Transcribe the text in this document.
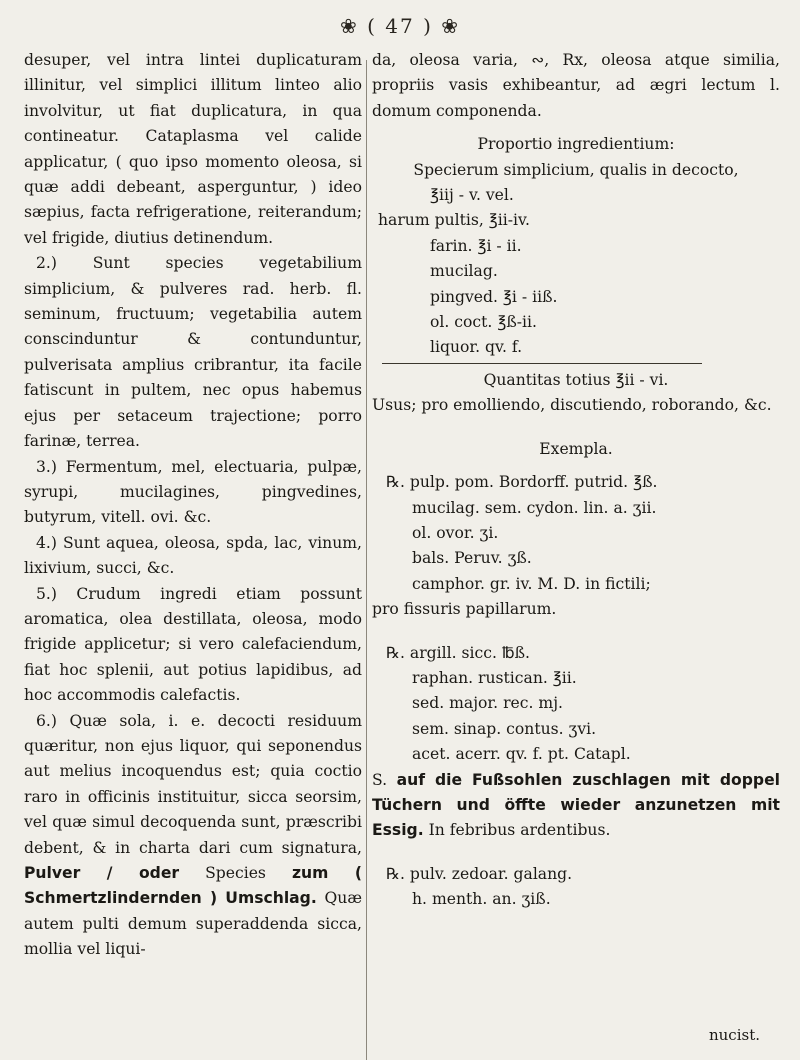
❀ ( 47 ) ❀

desuper, vel intra lintei duplicaturam illinitur, vel simplici illitum linteo alio involvitur, ut fiat duplicatura, in qua contineatur. Cataplasma vel calide applicatur, ( quo ipso momento oleosa, si quæ addi debeant, asperguntur, ) ideo sæpius, facta refrigeratione, reiterandum; vel frigide, diutius detinendum.

2.) Sunt species vegetabilium simplicium, & pulveres rad. herb. fl. seminum, fructuum; vegetabilia autem conscinduntur & contunduntur, pulverisata amplius cribrantur, ita facile fatiscunt in pultem, nec opus habemus ejus per setaceum trajectione; porro farinæ, terrea.

3.) Fermentum, mel, electuaria, pulpæ, syrupi, mucilagines, pingvedines, butyrum, vitell. ovi. &c.

4.) Sunt aquea, oleosa, spda, lac, vinum, lixivium, succi, &c.

5.) Crudum ingredi etiam possunt aromatica, olea destillata, oleosa, modo frigide applicetur; si vero calefaciendum, fiat hoc splenii, aut potius lapidibus, ad hoc accommodis calefactis.

6.) Quæ sola, i. e. decocti residuum quæritur, non ejus liquor, qui seponendus aut melius incoquendus est; quia coctio raro in officinis instituitur, sicca seorsim, vel quæ simul decoquenda sunt, præscribi debent, & in charta dari cum signatura, Pulver / oder Species zum ( Schmertzlindernden ) Umschlag. Quæ autem pulti demum superaddenda sicca, mollia vel liqui-

da, oleosa varia, ∾, Rx, oleosa atque similia, propriis vasis exhibeantur, ad ægri lectum l. domum componenda.

Proportio ingredientium:

Specierum simplicium, qualis in decocto,

℥iij - v. vel.
harum pultis, ℥ii-iv.
farin. ℥i - ii.
mucilag.
pingved. ℥i - iiß.
ol. coct. ℥ß-ii.
liquor. qv. f.

Quantitas totius ℥ii - vi.

Usus; pro emolliendo, discutiendo, roborando, &c.

Exempla.

℞. pulp. pom. Bordorff. putrid. ℥ß.
mucilag. sem. cydon. lin. a. ʒii.
ol. ovor. ʒi.
bals. Peruv. ʒß.
camphor. gr. iv. M. D. in fictili;

pro fissuris papillarum.

℞. argill. sicc. ℔ß.
raphan. rustican. ℥ii.
sed. major. rec. mj.
sem. sinap. contus. ʒvi.
acet. acerr. qv. f. pt. Catapl.

S. auf die Fußsohlen zuschlagen mit doppel Tüchern und öffte wieder anzunetzen mit Essig. In febribus ardentibus.

℞. pulv. zedoar. galang.
h. menth. an. ʒiß.
nucist.
